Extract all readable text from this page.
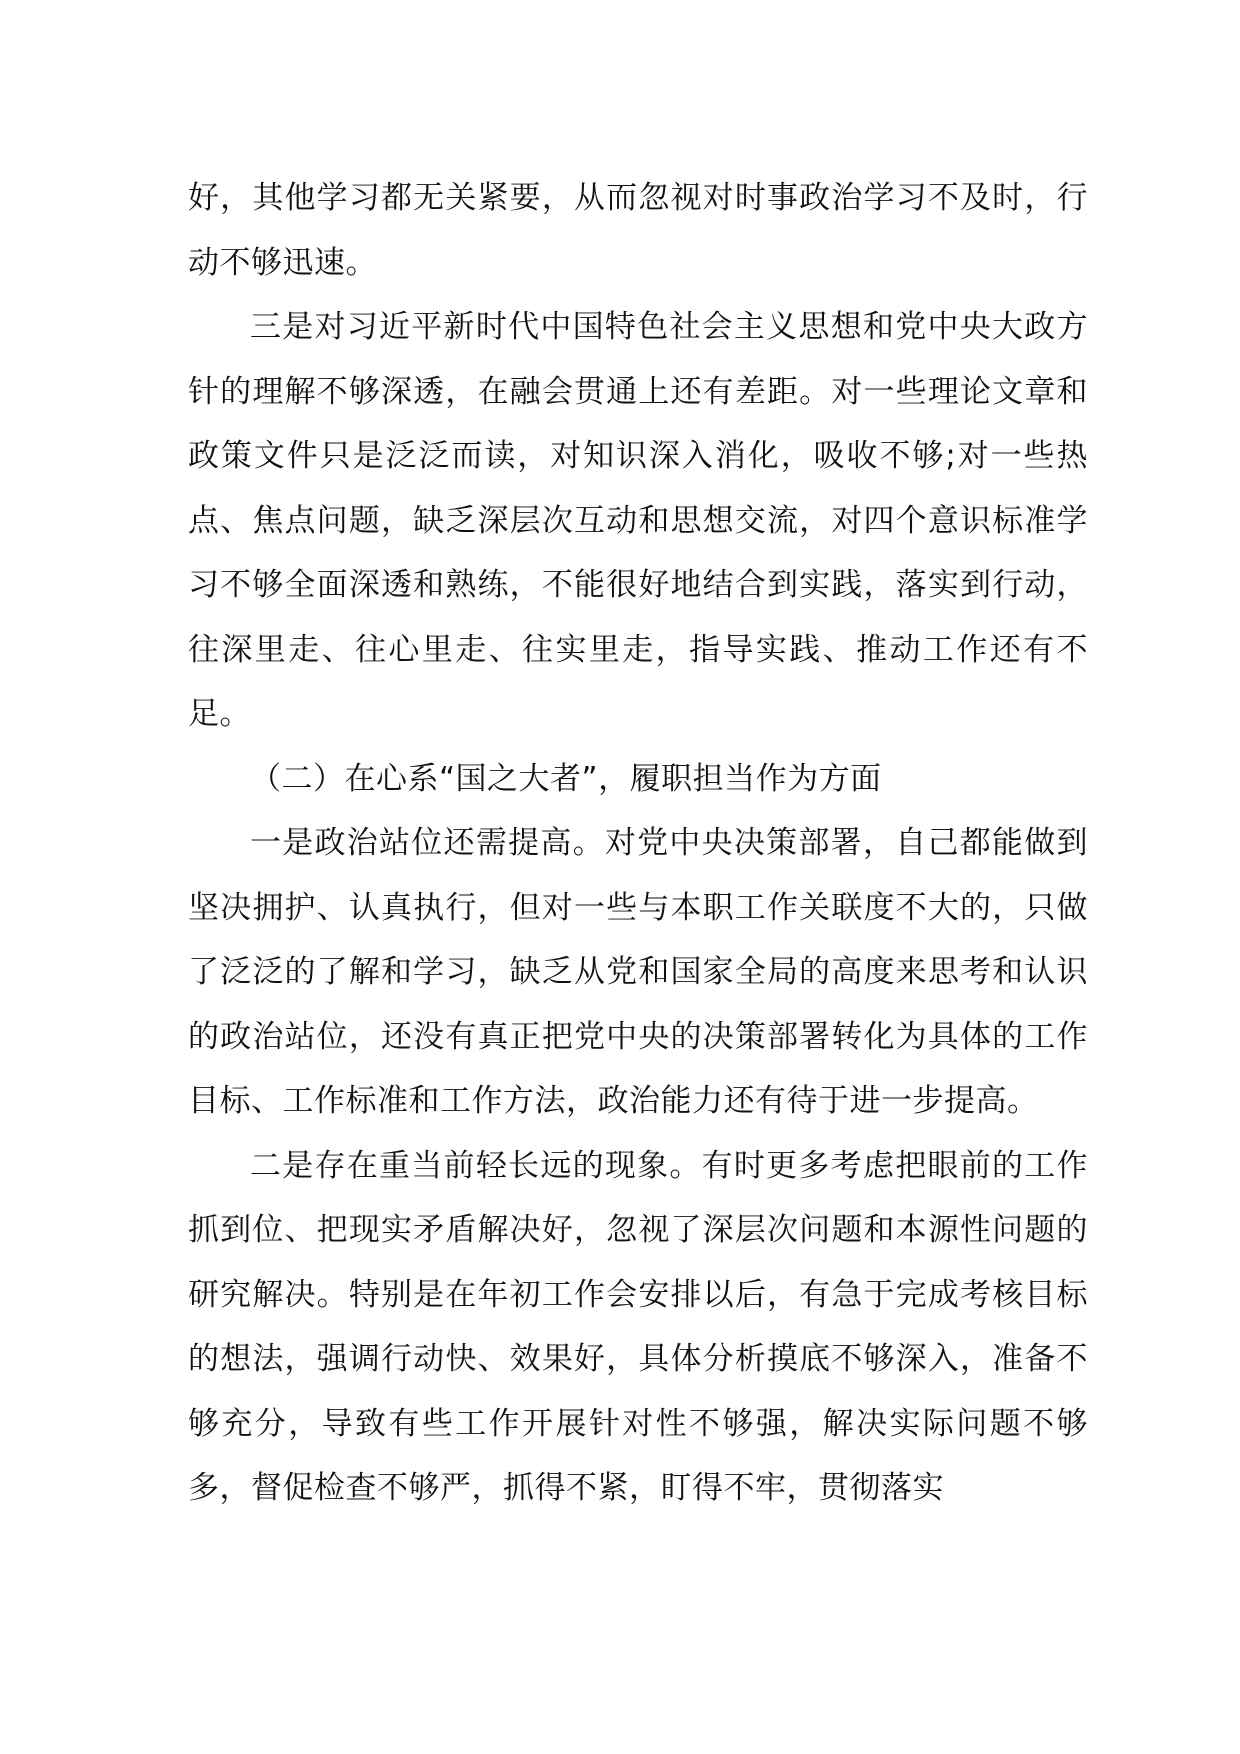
好，其他学习都无关紧要，从而忽视对时事政治学习不及时，行动不够迅速。

三是对习近平新时代中国特色社会主义思想和党中央大政方针的理解不够深透，在融会贯通上还有差距。对一些理论文章和政策文件只是泛泛而读，对知识深入消化，吸收不够;对一些热点、焦点问题，缺乏深层次互动和思想交流，对四个意识标准学习不够全面深透和熟练，不能很好地结合到实践，落实到行动，往深里走、往心里走、往实里走，指导实践、推动工作还有不足。

（二）在心系“国之大者”，履职担当作为方面

一是政治站位还需提高。对党中央决策部署，自己都能做到坚决拥护、认真执行，但对一些与本职工作关联度不大的，只做了泛泛的了解和学习，缺乏从党和国家全局的高度来思考和认识的政治站位，还没有真正把党中央的决策部署转化为具体的工作目标、工作标准和工作方法，政治能力还有待于进一步提高。

二是存在重当前轻长远的现象。有时更多考虑把眼前的工作抓到位、把现实矛盾解决好，忽视了深层次问题和本源性问题的研究解决。特别是在年初工作会安排以后，有急于完成考核目标的想法，强调行动快、效果好，具体分析摸底不够深入，准备不够充分，导致有些工作开展针对性不够强，解决实际问题不够多，督促检查不够严，抓得不紧，盯得不牢，贯彻落实
